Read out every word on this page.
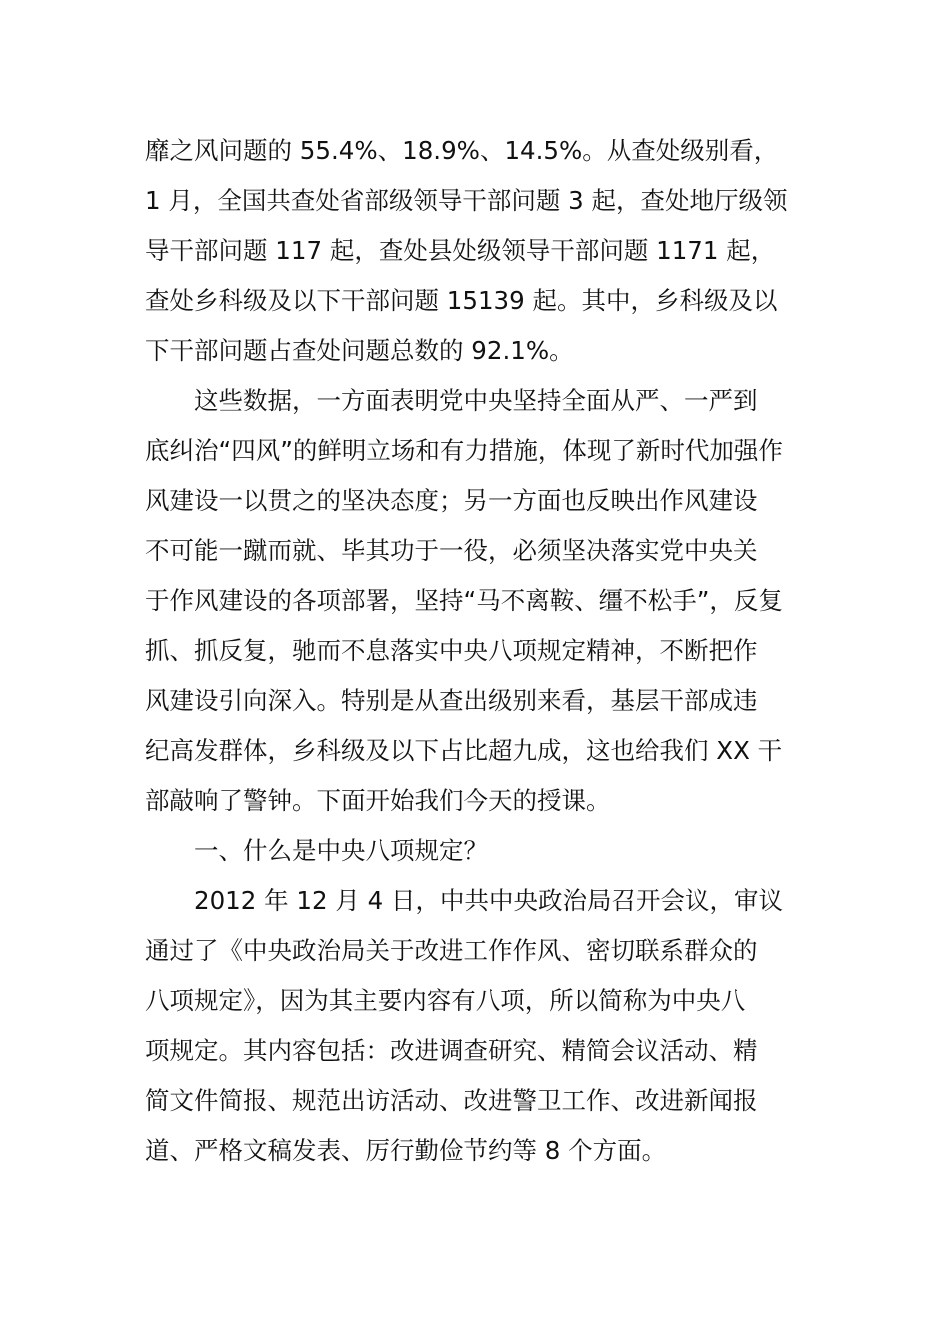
靡之风问题的 55.4%、18.9%、14.5%。从查处级别看，
1 月，全国共查处省部级领导干部问题 3 起，查处地厅级领
导干部问题 117 起，查处县处级领导干部问题 1171 起，
查处乡科级及以下干部问题 15139 起。其中，乡科级及以
下干部问题占查处问题总数的 92.1%。
这些数据，一方面表明党中央坚持全面从严、一严到
底纠治“四风”的鲜明立场和有力措施，体现了新时代加强作
风建设一以贯之的坚决态度；另一方面也反映出作风建设
不可能一蹴而就、毕其功于一役，必须坚决落实党中央关
于作风建设的各项部署，坚持“马不离鞍、缰不松手”，反复
抓、抓反复，驰而不息落实中央八项规定精神，不断把作
风建设引向深入。特别是从查出级别来看，基层干部成违
纪高发群体，乡科级及以下占比超九成，这也给我们 XX 干
部敲响了警钟。下面开始我们今天的授课。
一、什么是中央八项规定？
2012 年 12 月 4 日，中共中央政治局召开会议，审议
通过了《中央政治局关于改进工作作风、密切联系群众的
八项规定》，因为其主要内容有八项，所以简称为中央八
项规定。其内容包括：改进调查研究、精简会议活动、精
简文件简报、规范出访活动、改进警卫工作、改进新闻报
道、严格文稿发表、厉行勤俭节约等 8 个方面。
